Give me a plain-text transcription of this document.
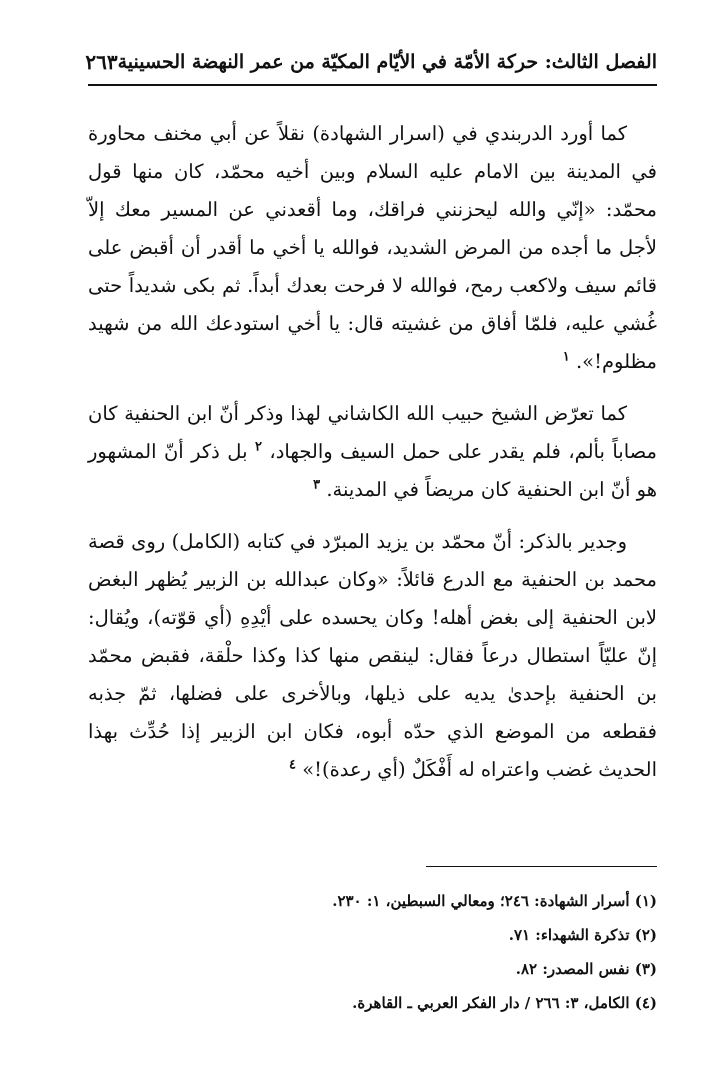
الفصل الثالث: حركة الأمّة في الأيّام المكيّة من عمر النهضة الحسينية
٢٦٣

كما أورد الدربندي في (اسرار الشهادة) نقلاً عن أبي مخنف محاورة في المدينة بين الامام عليه السلام وبين أخيه محمّد، كان منها قول محمّد: «إنّي والله ليحزنني فراقك، وما أقعدني عن المسير معك إلاّ لأجل ما أجده من المرض الشديد، فوالله يا أخي ما أقدر أن أقبض على قائم سيف ولاكعب رمح، فوالله لا فرحت بعدك أبداً. ثم بكى شديداً حتى غُشي عليه، فلمّا أفاق من غشيته قال: يا أخي استودعك الله من شهيد مظلوم!». $^١$

كما تعرّض الشيخ حبيب الله الكاشاني لهذا وذكر أنّ ابن الحنفية كان مصاباً بألم، فلم يقدر على حمل السيف والجهاد، $^٢$ بل ذكر أنّ المشهور هو أنّ ابن الحنفية كان مريضاً في المدينة. $^٣$

وجدير بالذكر: أنّ محمّد بن يزيد المبرّد في كتابه (الكامل) روى قصة محمد بن الحنفية مع الدرع قائلاً: «وكان عبدالله بن الزبير يُظهر البغض لابن الحنفية إلى بغض أهله! وكان يحسده على أيْدِهِ (أي قوّته)، ويُقال: إنّ عليّاً استطال درعاً فقال: لينقص منها كذا وكذا حلْقة، فقبض محمّد بن الحنفية بإحدىٰ يديه على ذيلها، وبالأخرى على فضلها، ثمّ جذبه فقطعه من الموضع الذي حدّه أبوه، فكان ابن الزبير إذا حُدِّث بهذا الحديث غضب واعتراه له أَفْكَلٌ (أي رعدة)!» $^٤$

(١) أسرار الشهادة: ٢٤٦؛ ومعالي السبطين، ١: ٢٣٠.
(٢) تذكرة الشهداء: ٧١.
(٣) نفس المصدر: ٨٢.
(٤) الكامل، ٣: ٢٦٦ / دار الفكر العربي ـ القاهرة.
